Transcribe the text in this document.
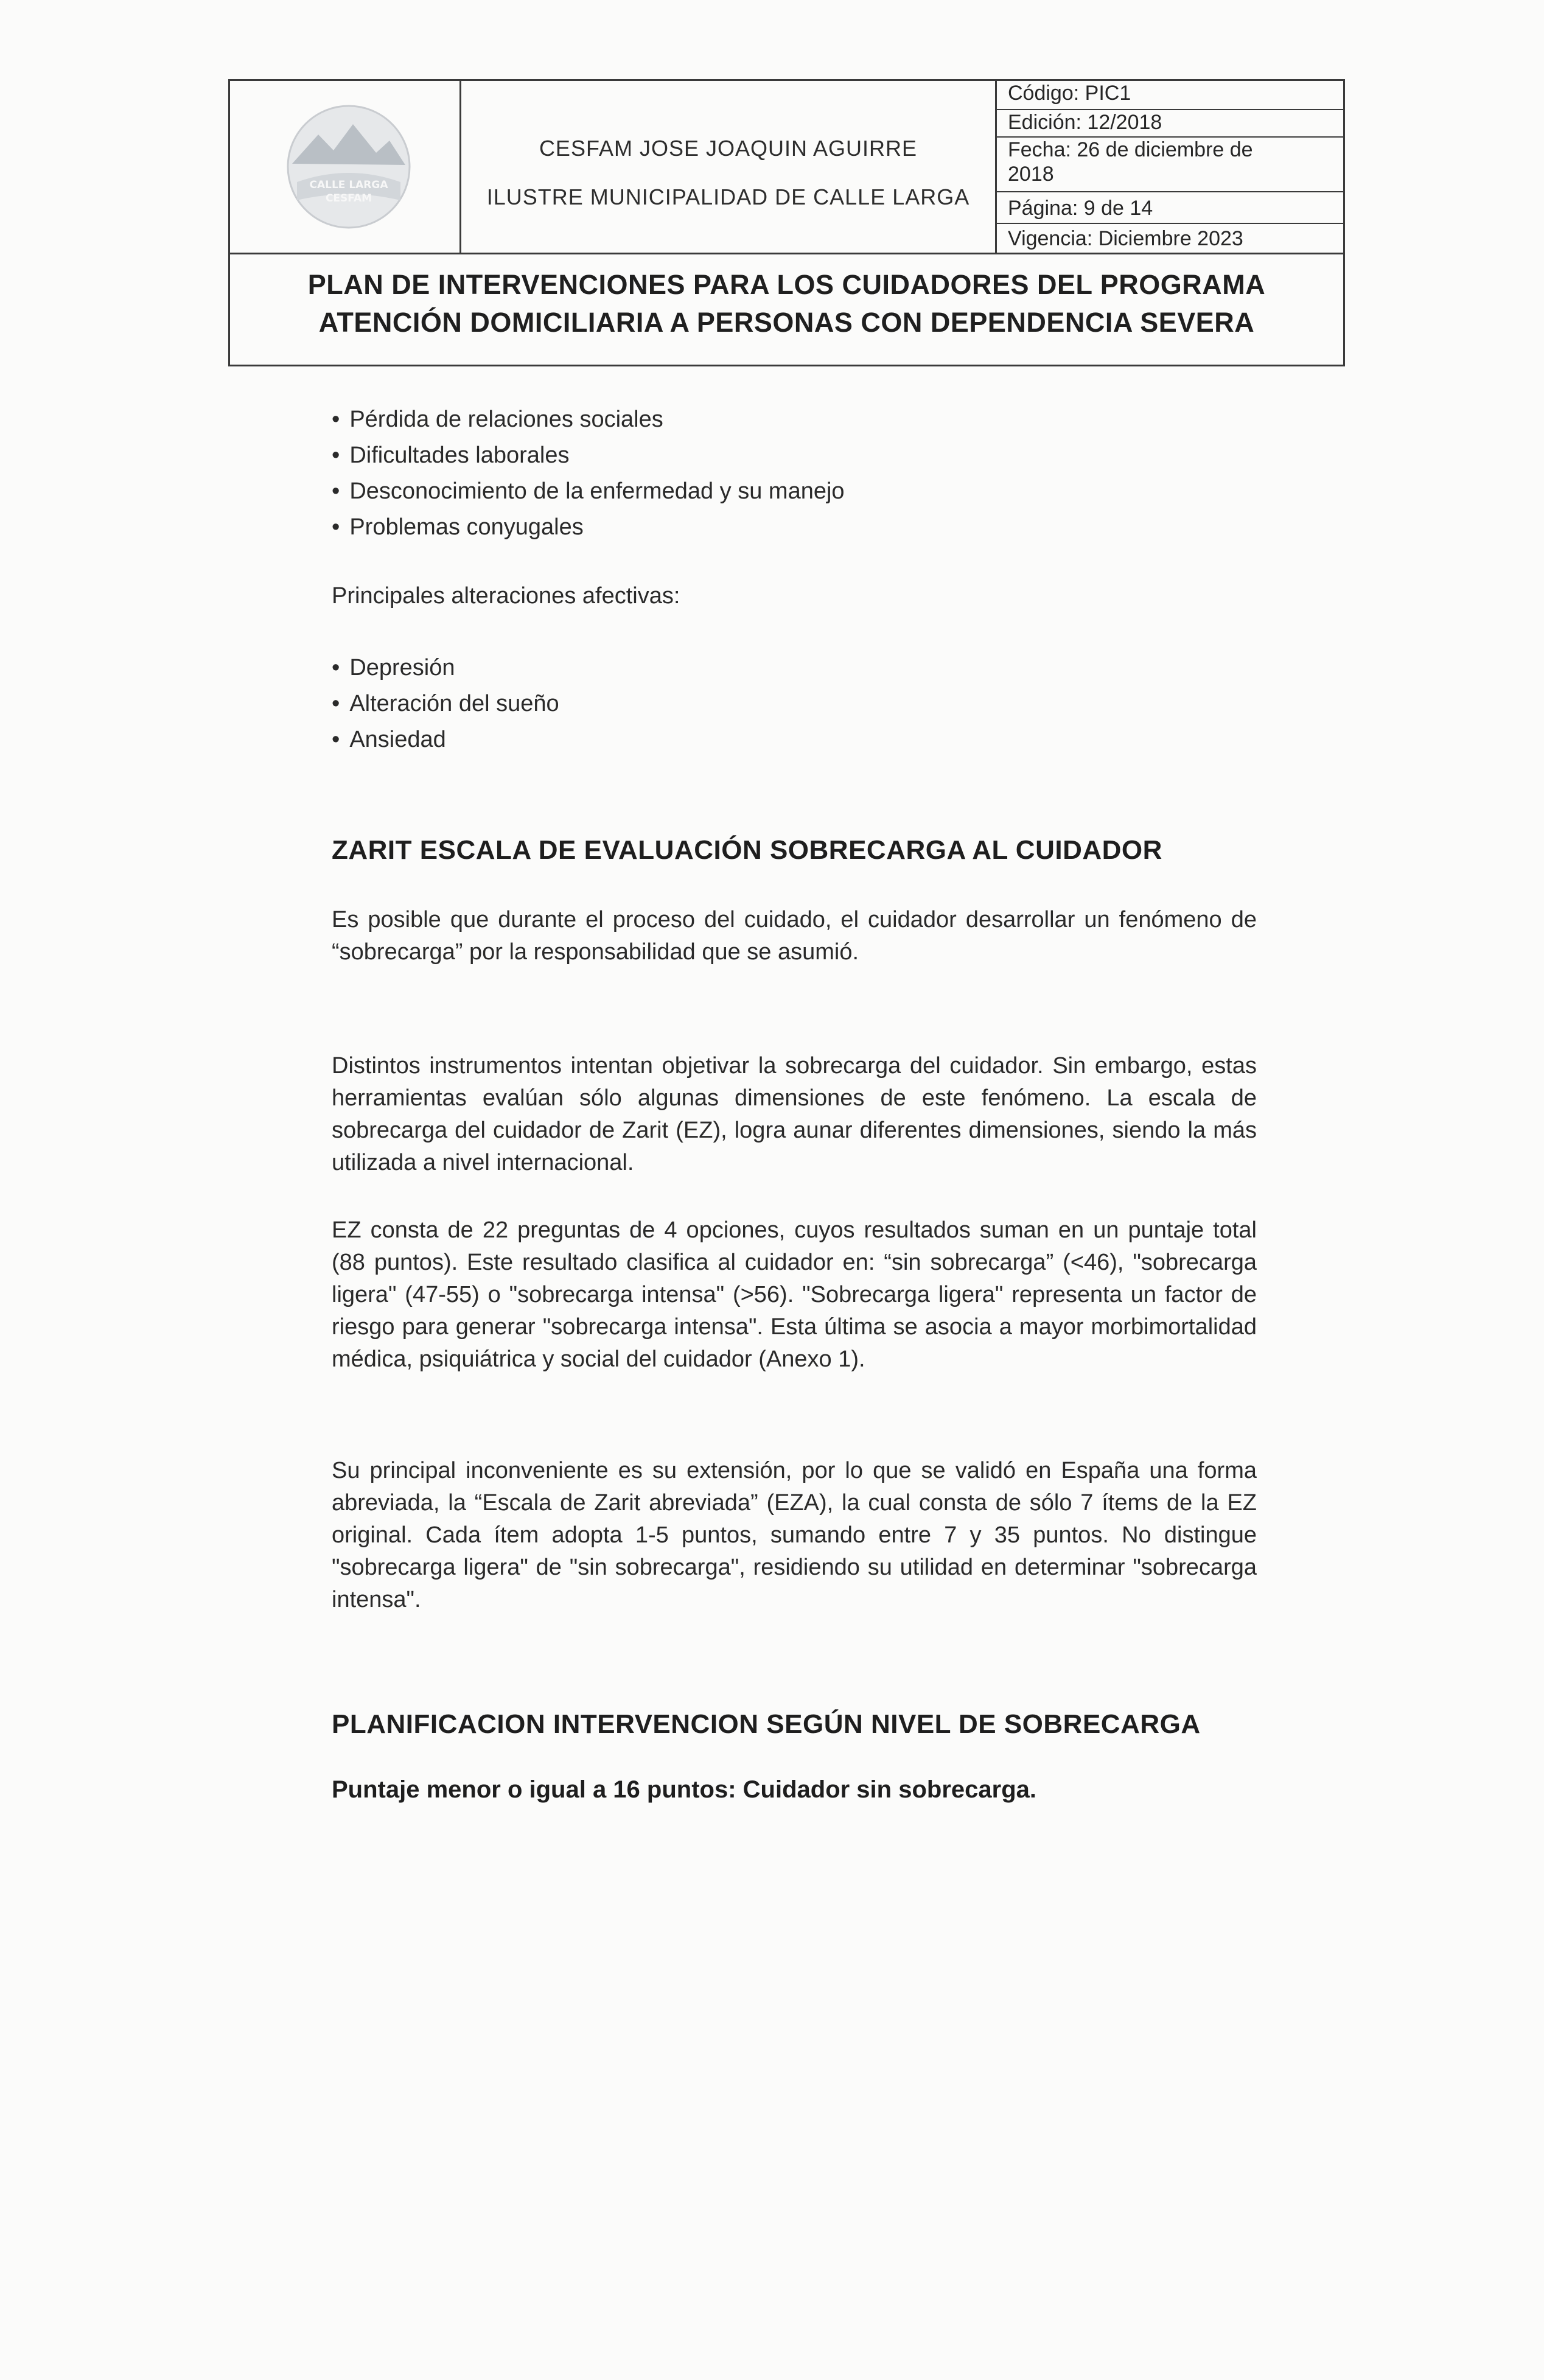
CALLE LARGA
CESFAM
CESFAM JOSE JOAQUIN AGUIRRE
ILUSTRE MUNICIPALIDAD DE CALLE LARGA
Código: PIC1
Edición: 12/2018
Fecha: 26 de diciembre de
2018
Página: 9 de 14
Vigencia: Diciembre 2023
PLAN DE INTERVENCIONES PARA LOS CUIDADORES DEL PROGRAMA
ATENCIÓN DOMICILIARIA A PERSONAS CON DEPENDENCIA SEVERA
• Pérdida de relaciones sociales
• Dificultades laborales
• Desconocimiento de la enfermedad y su manejo
• Problemas conyugales
Principales alteraciones afectivas:
• Depresión
• Alteración del sueño
• Ansiedad
ZARIT ESCALA DE EVALUACIÓN SOBRECARGA AL CUIDADOR

Es posible que durante el proceso del cuidado, el cuidador desarrollar un fenómeno de “sobrecarga” por la responsabilidad que se asumió.

Distintos instrumentos intentan objetivar la sobrecarga del cuidador. Sin embargo, estas herramientas evalúan sólo algunas dimensiones de este fenómeno. La escala de sobrecarga del cuidador de Zarit (EZ), logra aunar diferentes dimensiones, siendo la más utilizada a nivel internacional.

EZ consta de 22 preguntas de 4 opciones, cuyos resultados suman en un puntaje total (88 puntos). Este resultado clasifica al cuidador en: “sin sobrecarga” (<46), "sobrecarga ligera" (47-55) o "sobrecarga intensa" (>56). "Sobrecarga ligera" representa un factor de riesgo para generar "sobrecarga intensa". Esta última se asocia a mayor morbimortalidad médica, psiquiátrica y social del cuidador (Anexo 1).

Su principal inconveniente es su extensión, por lo que se validó en España una forma abreviada, la “Escala de Zarit abreviada” (EZA), la cual consta de sólo 7 ítems de la EZ original. Cada ítem adopta 1-5 puntos, sumando entre 7 y 35 puntos. No distingue "sobrecarga ligera" de "sin sobrecarga", residiendo su utilidad en determinar "sobrecarga intensa".

PLANIFICACION INTERVENCION SEGÚN NIVEL DE SOBRECARGA
Puntaje menor o igual a 16 puntos: Cuidador sin sobrecarga.
